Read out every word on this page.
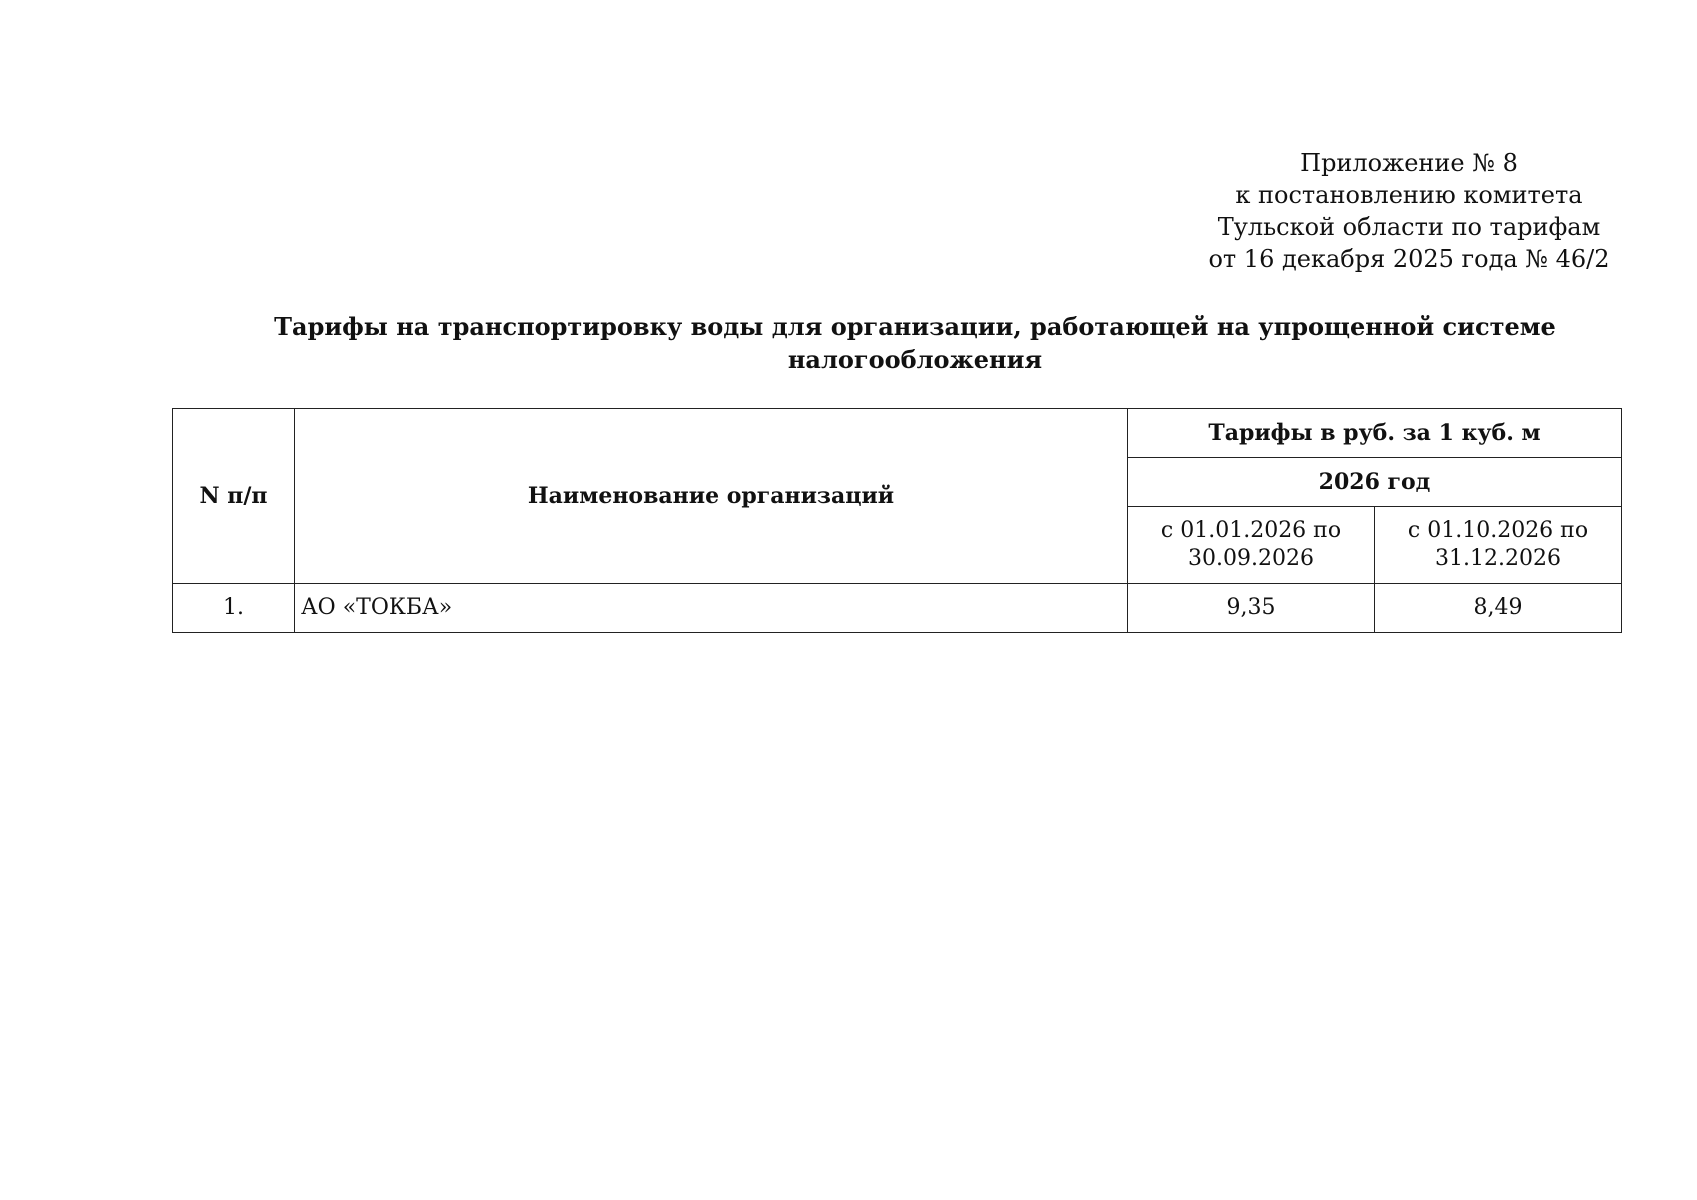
Приложение № 8
к постановлению комитета
Тульской области по тарифам
от 16 декабря 2025 года № 46/2
Тарифы на транспортировку воды для организации, работающей на упрощенной системе налогообложения
N п/п	Наименование организаций	Тарифы в руб. за 1 куб. м	
		2026 год	
		с 01.01.2026 по 30.09.2026	с 01.10.2026 по 31.12.2026
1.	АО «ТОКБА»	9,35	8,49
